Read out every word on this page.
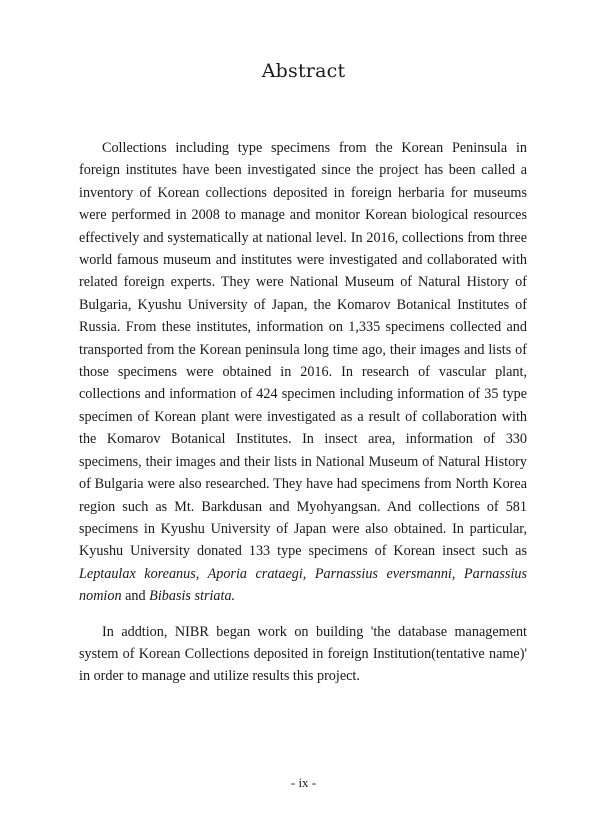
Abstract

Collections including type specimens from the Korean Peninsula in foreign institutes have been investigated since the project has been called a inventory of Korean collections deposited in foreign herbaria for museums were performed in 2008 to manage and monitor Korean biological resources effectively and systematically at national level. In 2016, collections from three world famous museum and institutes were investigated and collaborated with related foreign experts. They were National Museum of Natural History of Bulgaria, Kyushu University of Japan, the Komarov Botanical Institutes of Russia. From these institutes, information on 1,335 specimens collected and transported from the Korean peninsula long time ago, their images and lists of those specimens were obtained in 2016. In research of vascular plant, collections and information of 424 specimen including information of 35 type specimen of Korean plant were investigated as a result of collaboration with the Komarov Botanical Institutes. In insect area, information of 330 specimens, their images and their lists in National Museum of Natural History of Bulgaria were also researched. They have had specimens from North Korea region such as Mt. Barkdusan and Myohyangsan. And collections of 581 specimens in Kyushu University of Japan were also obtained. In particular, Kyushu University donated 133 type specimens of Korean insect such as Leptaulax koreanus, Aporia crataegi, Parnassius eversmanni, Parnassius nomion and Bibasis striata.

In addtion, NIBR began work on building 'the database management system of Korean Collections deposited in foreign Institution(tentative name)' in order to manage and utilize results this project.

- ix -
